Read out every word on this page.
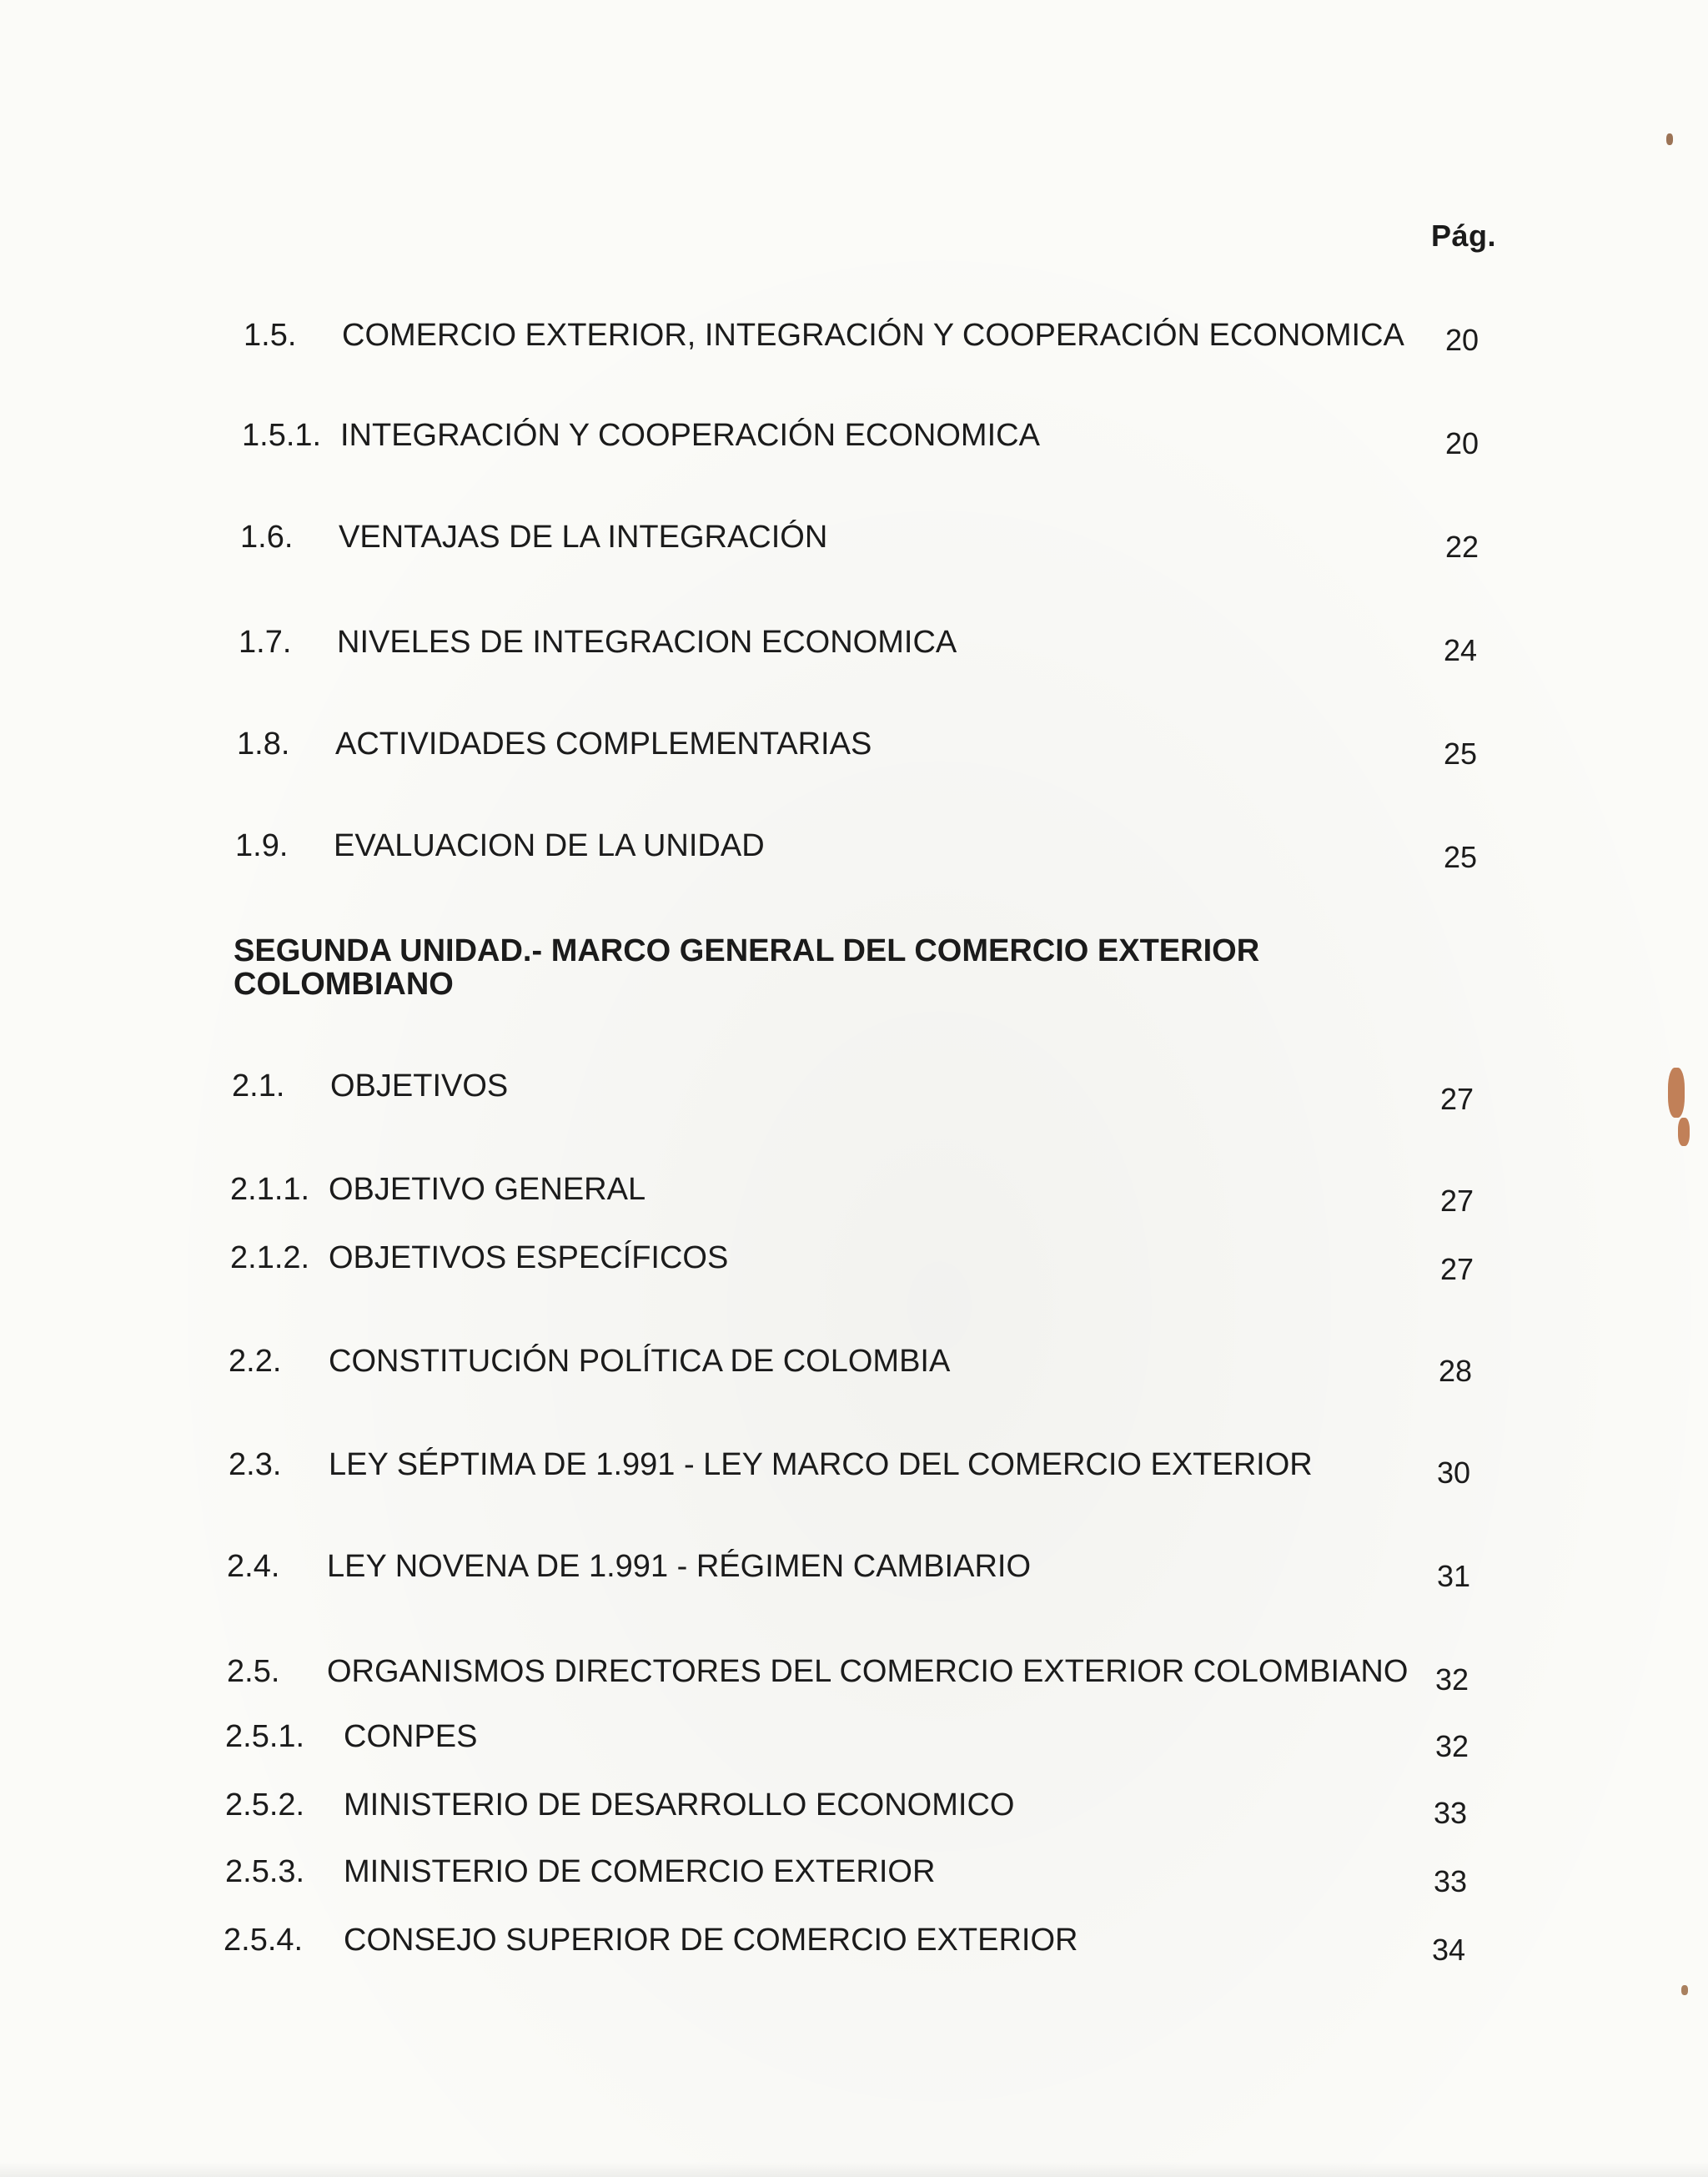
Pág.
1.5. COMERCIO EXTERIOR, INTEGRACIÓN Y COOPERACIÓN ECONOMICA 20
1.5.1. INTEGRACIÓN Y COOPERACIÓN ECONOMICA	20
1.6. VENTAJAS DE LA INTEGRACIÓN	22
1.7. NIVELES DE INTEGRACION ECONOMICA	24
1.8. ACTIVIDADES COMPLEMENTARIAS	25
1.9. EVALUACION DE LA UNIDAD	25
SEGUNDA UNIDAD.- MARCO GENERAL DEL COMERCIO EXTERIOR COLOMBIANO
2.1. OBJETIVOS	27
2.1.1. OBJETIVO GENERAL	27
2.1.2. OBJETIVOS ESPECÍFICOS	27
2.2. CONSTITUCIÓN POLÍTICA DE COLOMBIA	28
2.3. LEY SÉPTIMA DE 1.991 - LEY MARCO DEL COMERCIO EXTERIOR	30
2.4. LEY NOVENA DE 1.991 - RÉGIMEN CAMBIARIO	31
2.5. ORGANISMOS DIRECTORES DEL COMERCIO EXTERIOR COLOMBIANO 32
2.5.1. CONPES	32
2.5.2. MINISTERIO DE DESARROLLO ECONOMICO	33
2.5.3. MINISTERIO DE COMERCIO EXTERIOR	33
2.5.4. CONSEJO SUPERIOR DE COMERCIO EXTERIOR	34
